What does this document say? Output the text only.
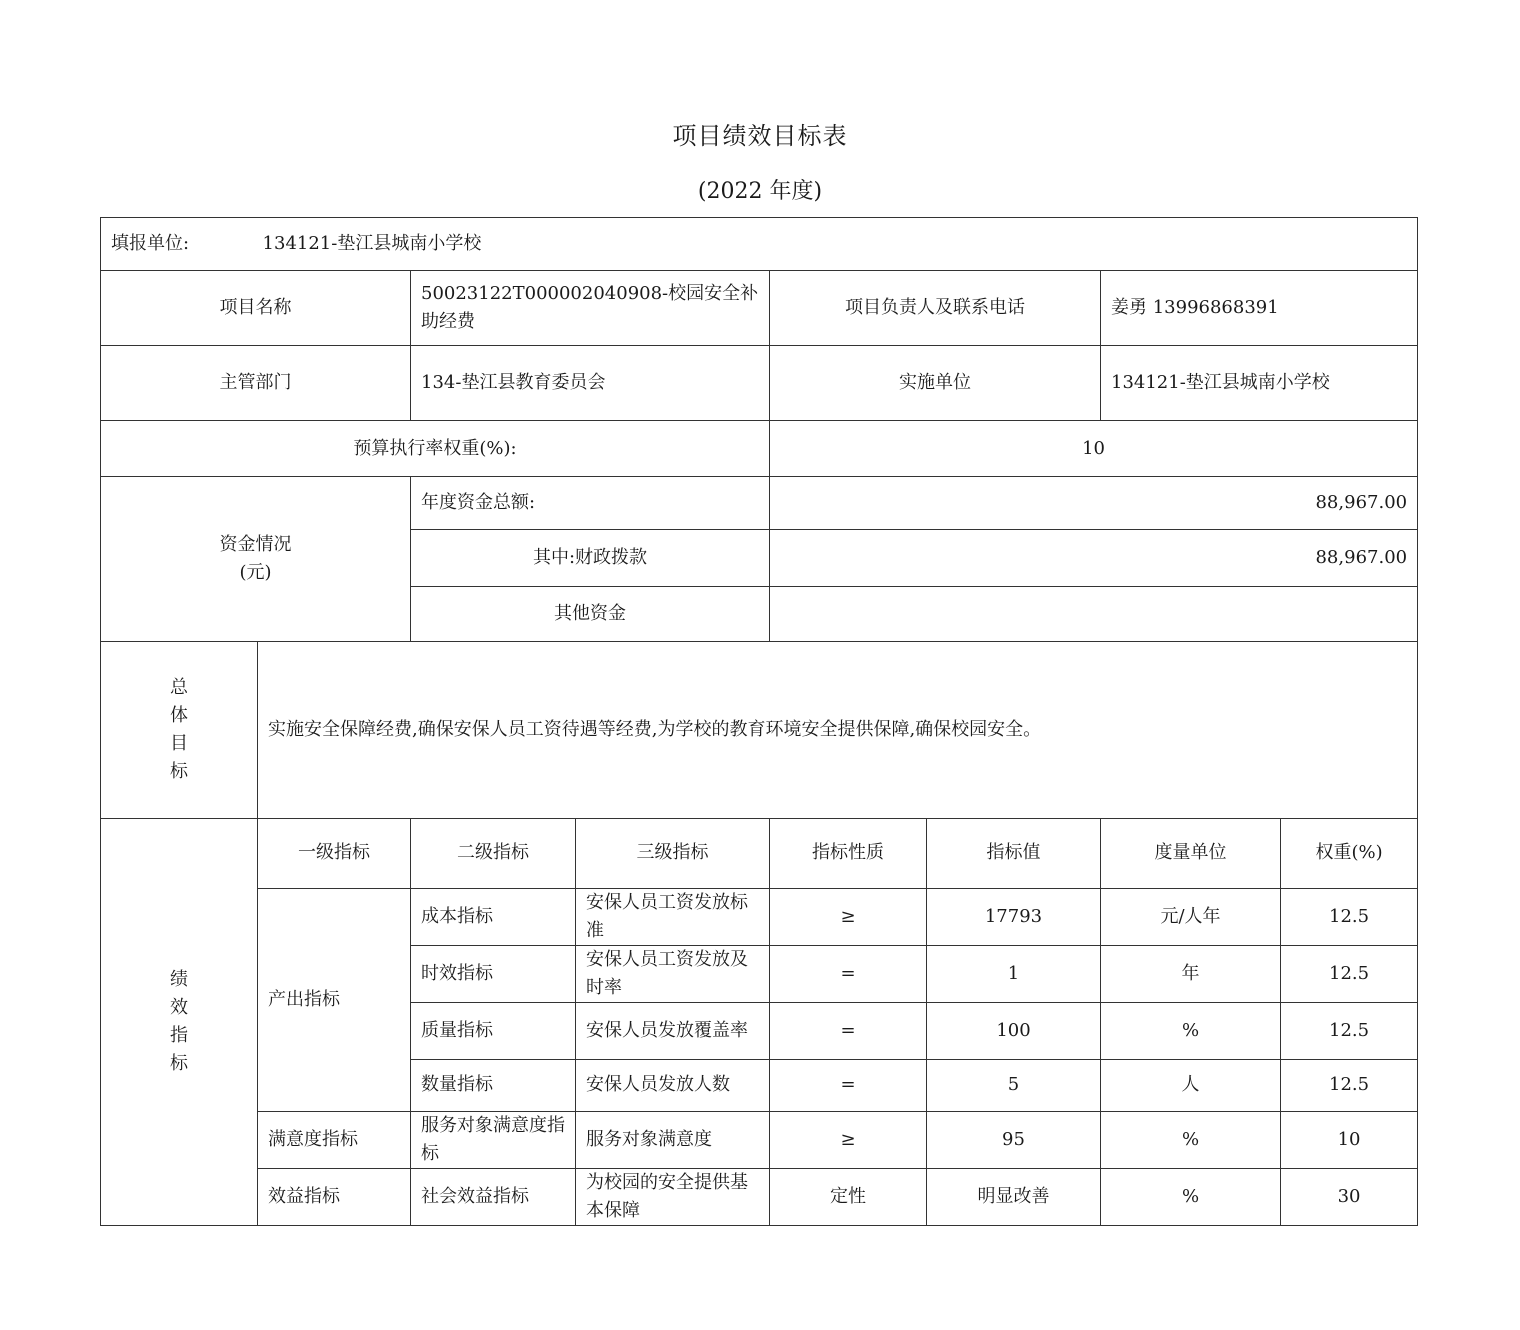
项目绩效目标表
(2022 年度)
填报单位: 134121-垫江县城南小学校							
项目名称		50023122T000002040908-校园安全补助经费		项目负责人及联系电话		姜勇 13996868391	
主管部门		134-垫江县教育委员会		实施单位		134121-垫江县城南小学校	
预算执行率权重(%):				10			

资金情况
(元)		年度资金总额:		88,967.00			
		其中:财政拨款		88,967.00			
		其他资金					

总
体
目
标	实施安全保障经费,确保安保人员工资待遇等经费,为学校的教育环境安全提供保障,确保校园安全。						

绩
效
指
标	一级指标	二级指标	三级指标	指标性质	指标值	度量单位	权重(%)
	产出指标	成本指标	安保人员工资发放标准	≥	17793	元/人年	12.5
		时效指标	安保人员工资发放及时率	=	1	年	12.5
		质量指标	安保人员发放覆盖率	=	100	%	12.5
		数量指标	安保人员发放人数	=	5	人	12.5
	满意度指标	服务对象满意度指标	服务对象满意度	≥	95	%	10
	效益指标	社会效益指标	为校园的安全提供基本保障	定性	明显改善	%	30
